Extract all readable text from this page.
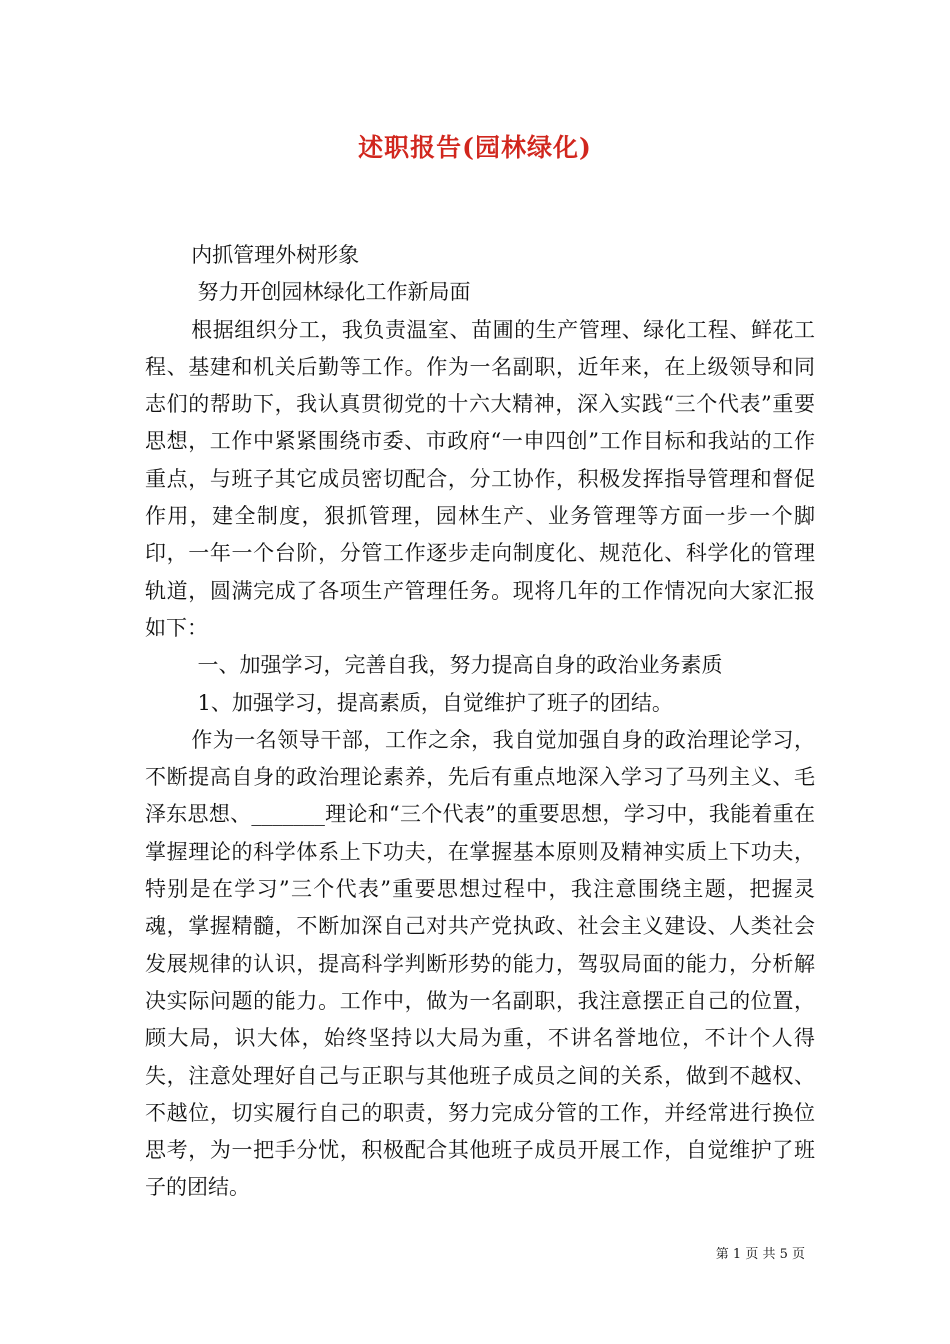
述职报告(园林绿化)

内抓管理外树形象

努力开创园林绿化工作新局面

根据组织分工，我负责温室、苗圃的生产管理、绿化工程、鲜花工程、基建和机关后勤等工作。作为一名副职，近年来，在上级领导和同志们的帮助下，我认真贯彻党的十六大精神，深入实践“三个代表”重要思想，工作中紧紧围绕市委、市政府“一申四创”工作目标和我站的工作重点，与班子其它成员密切配合，分工协作，积极发挥指导管理和督促作用，建全制度，狠抓管理，园林生产、业务管理等方面一步一个脚印，一年一个台阶，分管工作逐步走向制度化、规范化、科学化的管理轨道，圆满完成了各项生产管理任务。现将几年的工作情况向大家汇报如下：

一、加强学习，完善自我，努力提高自身的政治业务素质

1、加强学习，提高素质，自觉维护了班子的团结。

作为一名领导干部，工作之余，我自觉加强自身的政治理论学习，不断提高自身的政治理论素养，先后有重点地深入学习了马列主义、毛泽东思想、_______理论和“三个代表”的重要思想，学习中，我能着重在掌握理论的科学体系上下功夫，在掌握基本原则及精神实质上下功夫，特别是在学习”三个代表”重要思想过程中，我注意围绕主题，把握灵魂，掌握精髓，不断加深自己对共产党执政、社会主义建设、人类社会发展规律的认识，提高科学判断形势的能力，驾驭局面的能力，分析解决实际问题的能力。工作中，做为一名副职，我注意摆正自己的位置，顾大局，识大体，始终坚持以大局为重，不讲名誉地位，不计个人得失，注意处理好自己与正职与其他班子成员之间的关系，做到不越权、不越位，切实履行自己的职责，努力完成分管的工作，并经常进行换位思考，为一把手分忧，积极配合其他班子成员开展工作，自觉维护了班子的团结。

第 1 页 共 5 页
